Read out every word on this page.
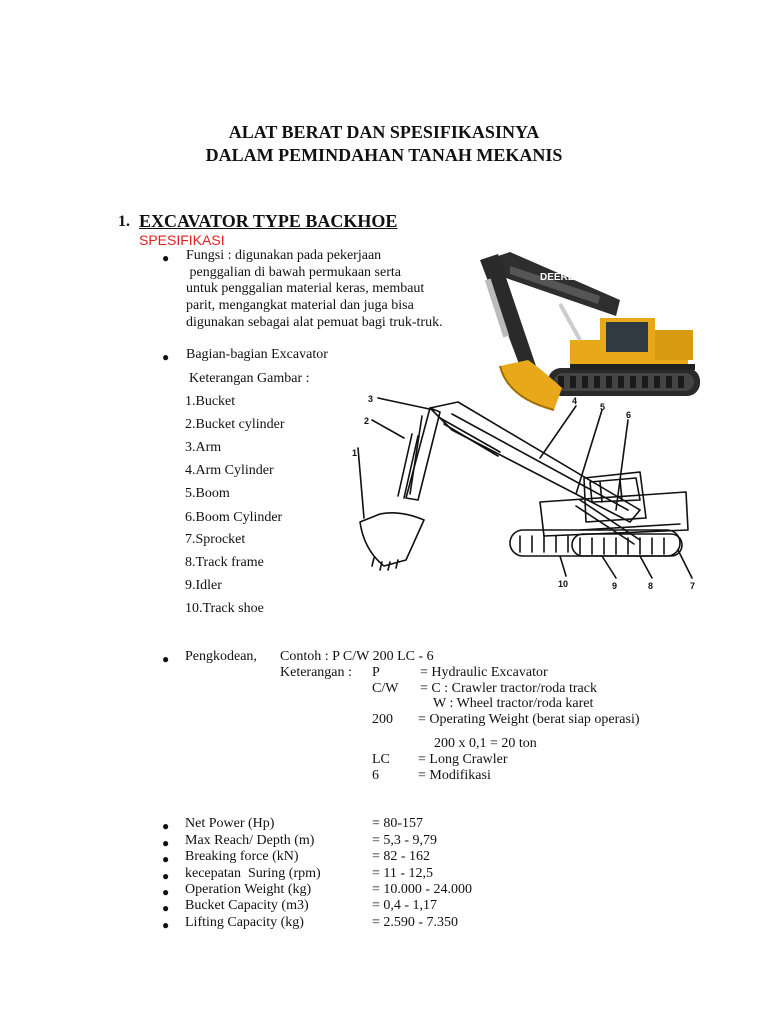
ALAT BERAT DAN SPESIFIKASINYA
DALAM PEMINDAHAN TANAH MEKANIS
1. EXCAVATOR TYPE BACKHOE
SPESIFIKASI
● Fungsi : digunakan pada pekerjaan
penggalian di bawah permukaan serta
untuk penggalian material keras, membaut
parit, mengangkat material dan juga bisa
digunakan sebagai alat pemuat bagi truk-truk.
DEERE
● Bagian-bagian Excavator
Keterangan Gambar :
1.Bucket
2.Bucket cylinder
3.Arm
4.Arm Cylinder
5.Boom
6.Boom Cylinder
7.Sprocket
8.Track frame
9.Idler
10.Track shoe
1
2
3	4
5
6
10	9	8	7
● Pengkodean, Contoh : P C/W 200 LC - 6
Keterangan : P	= Hydraulic Excavator
C/W = C : Crawler tractor/roda track
W : Wheel tractor/roda karet
200 = Operating Weight (berat siap operasi)
200 x 0,1 = 20 ton
LC = Long Crawler
6	= Modifikasi
● Net Power (Hp)	= 80-157
● Max Reach/ Depth (m)	= 5,3 - 9,79
● Breaking force (kN)	= 82 - 162
● kecepatan  Suring (rpm)	= 11 - 12,5
● Operation Weight (kg)	= 10.000 - 24.000
● Bucket Capacity (m3)	= 0,4 - 1,17
● Lifting Capacity (kg)	= 2.590 - 7.350
